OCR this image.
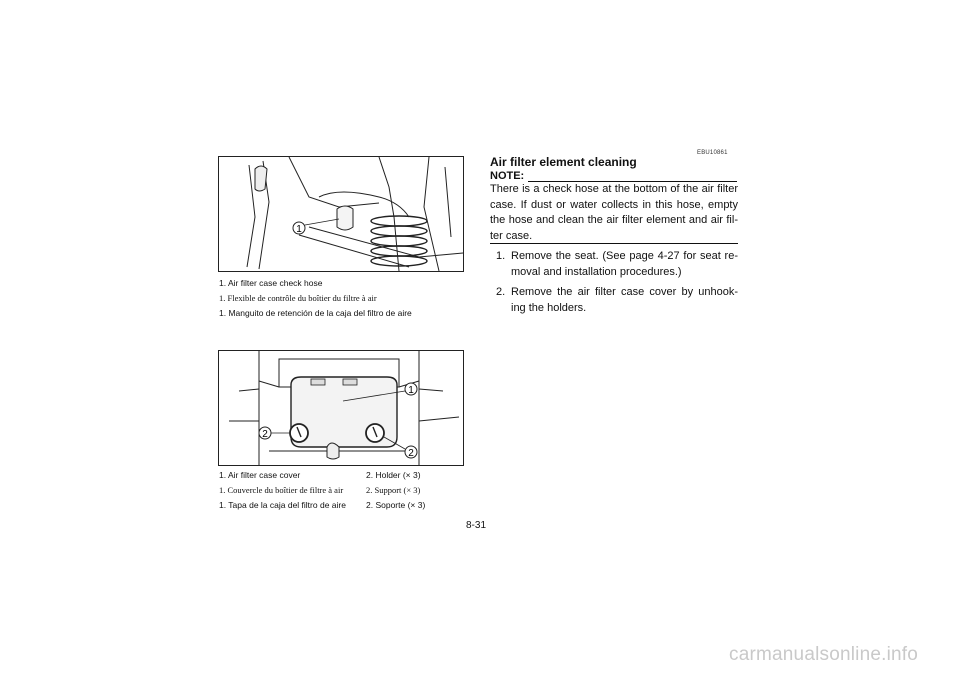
1
1. Air filter case check hose
1. Flexible de contrôle du boîtier du filtre à air
1. Manguito de retención de la caja del filtro de aire
1
2
2
1. Air filter case cover
1. Couvercle du boîtier de filtre à air
1. Tapa de la caja del filtro de aire
2. Holder (× 3)
2. Support (× 3)
2. Soporte (× 3)
EBU10861
Air filter element cleaning
NOTE:
There is a check hose at the bottom of the air filter case. If dust or water collects in this hose, empty the hose and clean the air filter element and air fil- ter case.
1. Remove the seat. (See page 4-27 for seat re- moval and installation procedures.)
2. Remove the air filter case cover by unhook- ing the holders.
8-31
carmanualsonline.info
